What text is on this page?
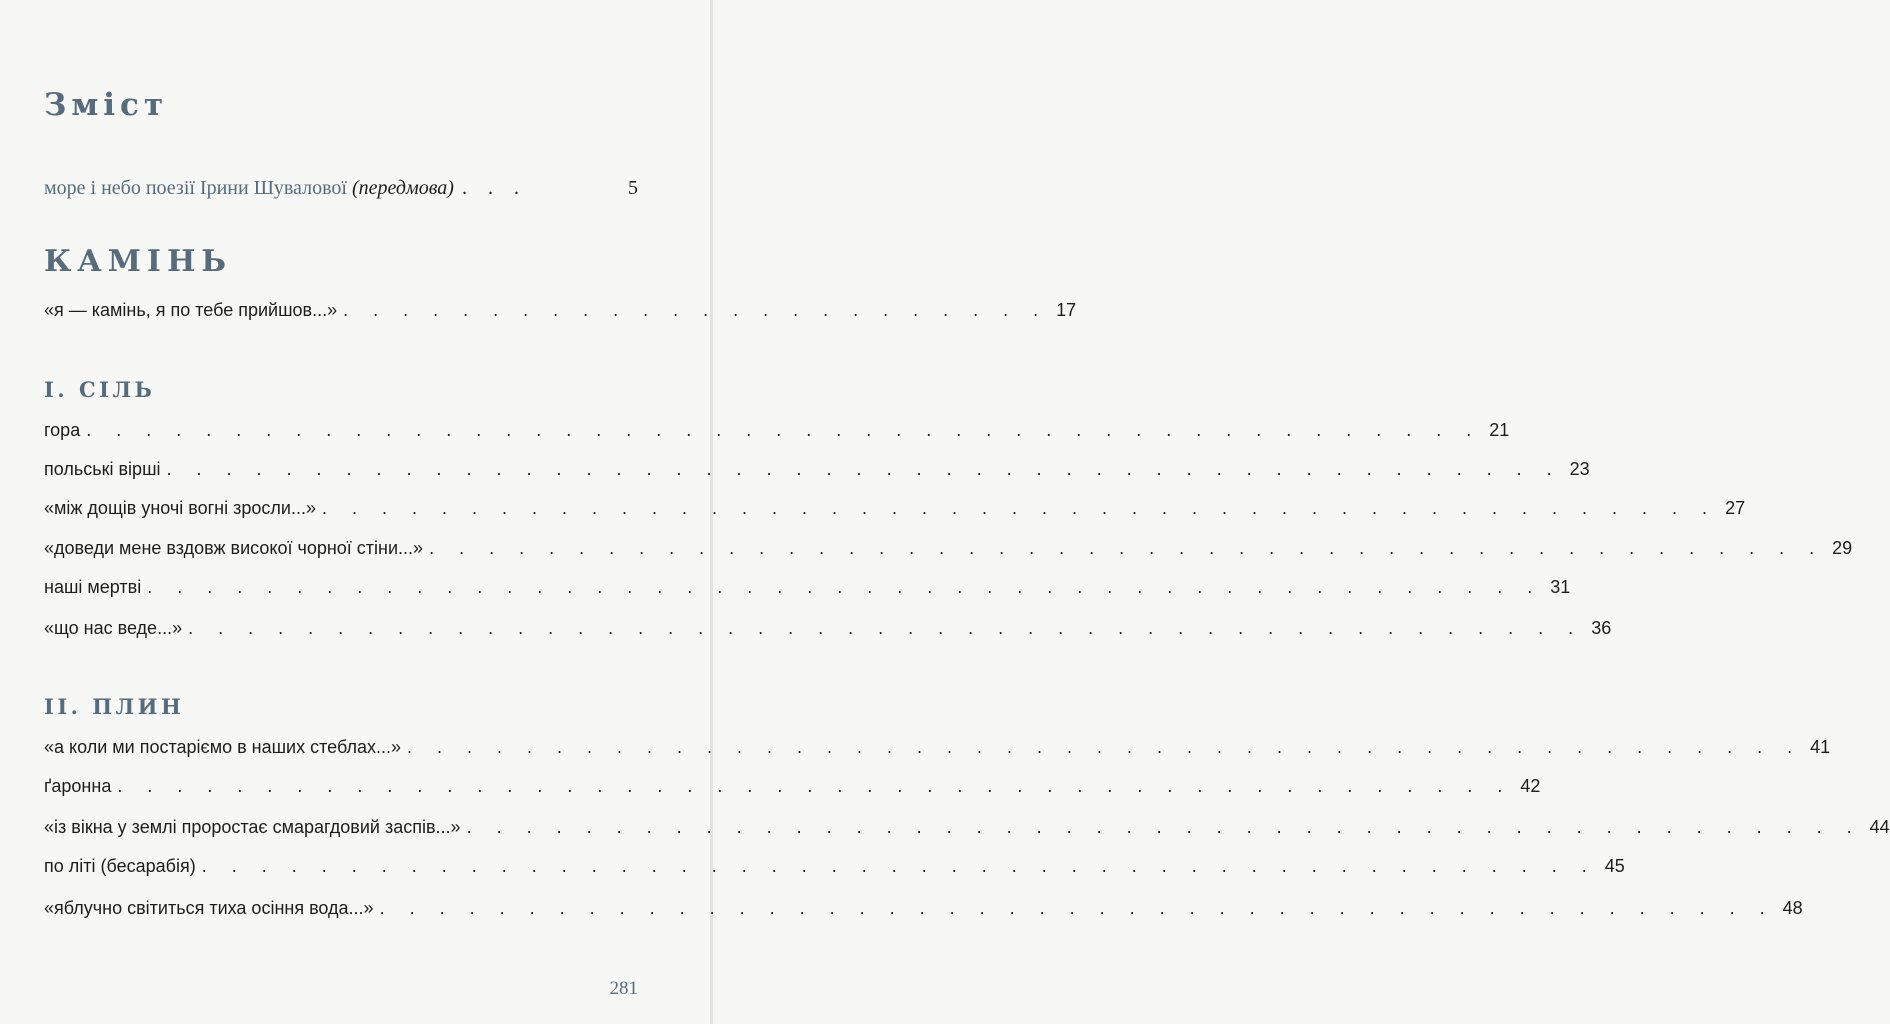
Зміст
море і небо поезії Ірини Шувалової (передмова) . . .	5
КАМІНЬ
«я — камінь, я по тебе прийшов...» . . . . . . . . . . . . . . . . . . . . . . . . 17
І. СІЛЬ
гора . . . . . . . . . . . . . . . . . . . . . . . . . . . . . . . . . . . . . . . . . . . . . . . 21
польські вірші . . . . . . . . . . . . . . . . . . . . . . . . . . . . . . . . . . . . . . . . . . . . . . . 23
«між дощів уночі вогні зросли...» . . . . . . . . . . . . . . . . . . . . . . . . . . . . . . . . . . . . . . . . . . . . . . . 27
«доведи мене вздовж високої чорної стіни...» . . . . . . . . . . . . . . . . . . . . . . . . . . . . . . . . . . . . . . . . . . . . . . . 29
наші мертві . . . . . . . . . . . . . . . . . . . . . . . . . . . . . . . . . . . . . . . . . . . . . . . 31
«що нас веде...» . . . . . . . . . . . . . . . . . . . . . . . . . . . . . . . . . . . . . . . . . . . . . . . 36
ІІ. ПЛИН
«а коли ми постаріємо в наших стеблах...» . . . . . . . . . . . . . . . . . . . . . . . . . . . . . . . . . . . . . . . . . . . . . . . 41
ґаронна . . . . . . . . . . . . . . . . . . . . . . . . . . . . . . . . . . . . . . . . . . . . . . . 42
«із вікна у землі проростає смарагдовий заспів...» . . . . . . . . . . . . . . . . . . . . . . . . . . . . . . . . . . . . . . . . . . . . . . . 44
по літі (бесарабія) . . . . . . . . . . . . . . . . . . . . . . . . . . . . . . . . . . . . . . . . . . . . . . . 45
«яблучно світиться тиха осіння вода...» . . . . . . . . . . . . . . . . . . . . . . . . . . . . . . . . . . . . . . . . . . . . . . . 48
281
